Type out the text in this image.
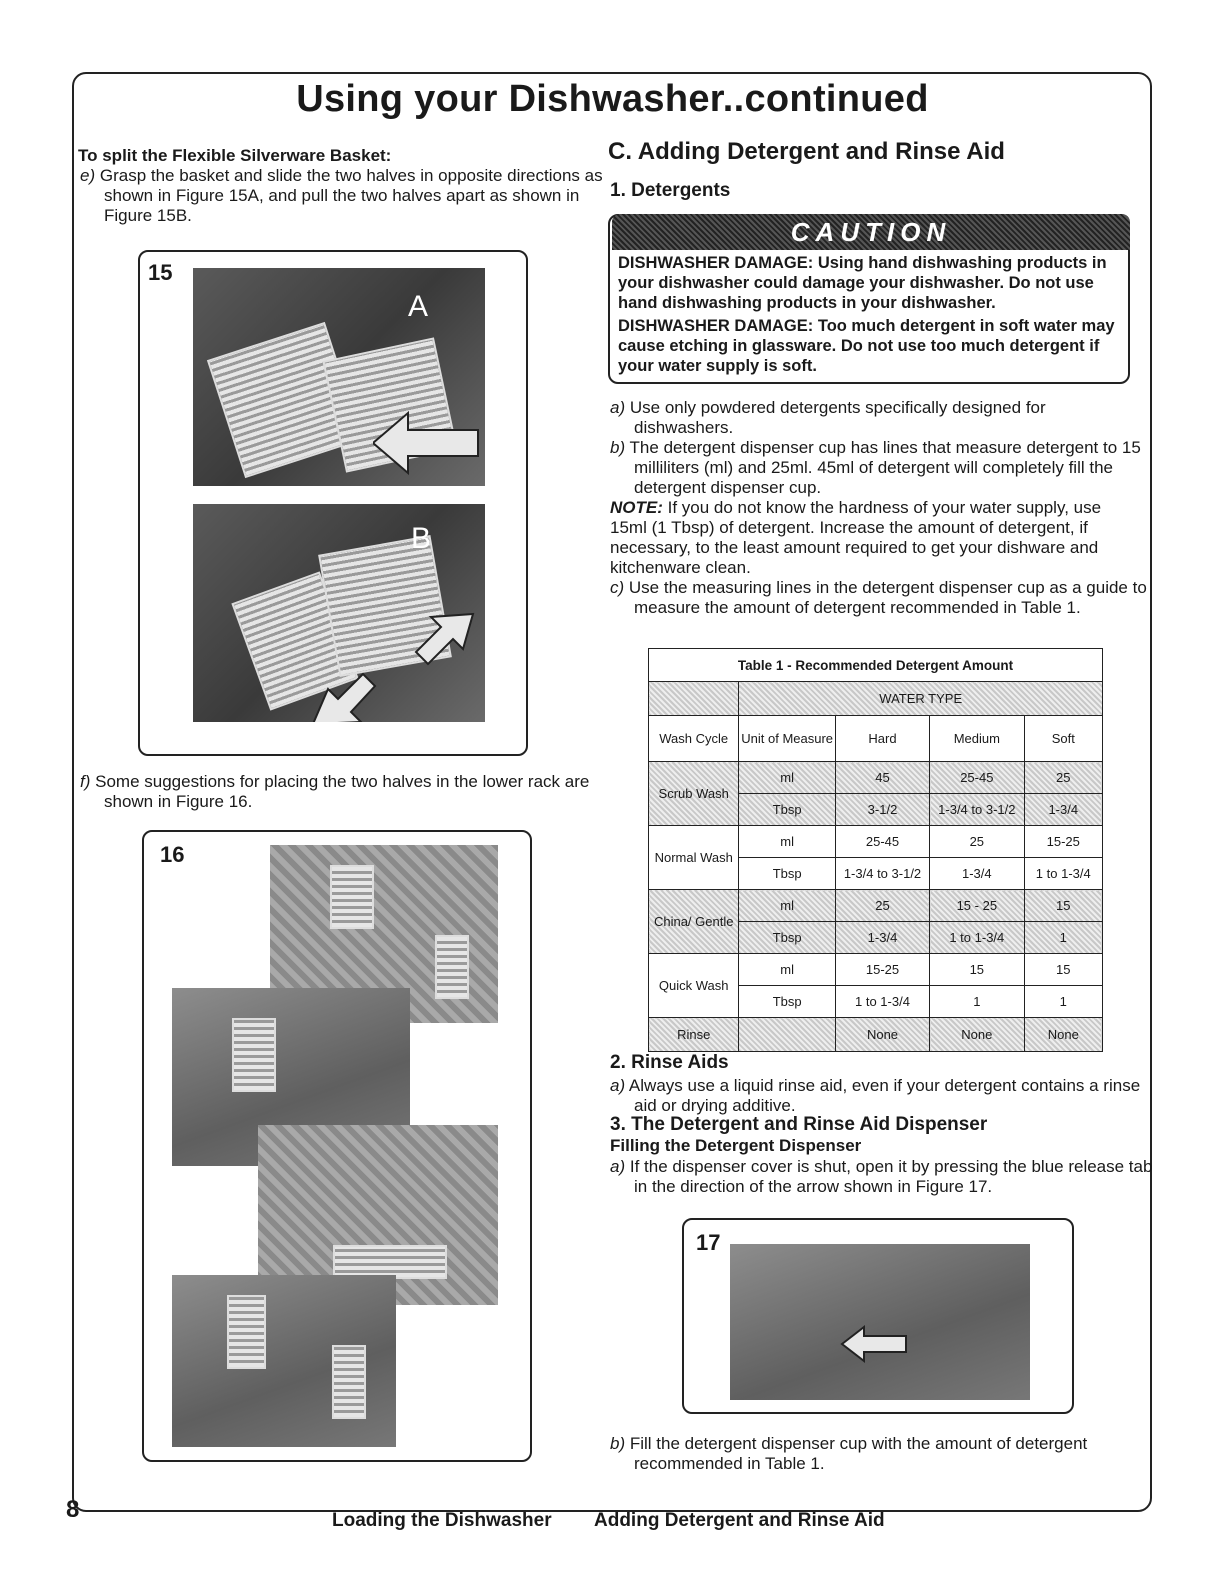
Using your Dishwasher..continued
To split the Flexible Silverware Basket:
e) Grasp the basket and slide the two halves in opposite directions as shown in Figure 15A, and pull the two halves apart as shown in Figure 15B.
15
A
B
f) Some suggestions for placing the two halves in the lower rack are shown in Figure 16.
16
C. Adding Detergent and Rinse Aid
1. Detergents
CAUTION
DISHWASHER DAMAGE: Using hand dishwashing products in your dishwasher could damage your dishwasher. Do not use hand dishwashing products in your dishwasher.
DISHWASHER DAMAGE: Too much detergent in soft water may cause etching in glassware. Do not use too much detergent if your water supply is soft.
a) Use only powdered detergents specifically designed for dishwashers.
b) The detergent dispenser cup has lines that measure detergent to 15 milliliters (ml) and 25ml. 45ml of detergent will completely fill the detergent dispenser cup.
NOTE: If you do not know the hardness of your water supply, use 15ml (1 Tbsp) of detergent. Increase the amount of detergent, if necessary, to the least amount required to get your dishware and kitchenware clean.
c) Use the measuring lines in the detergent dispenser cup as a guide to measure the amount of detergent recommended in Table 1.
Table 1 - Recommended Detergent Amount				
	WATER TYPE			
Wash Cycle	Unit of Measure	Hard	Medium	Soft
Scrub Wash	ml	45	25-45	25
	Tbsp	3-1/2	1-3/4 to 3-1/2	1-3/4
Normal Wash	ml	25-45	25	15-25
	Tbsp	1-3/4 to 3-1/2	1-3/4	1 to 1-3/4
China/ Gentle	ml	25	15 - 25	15
	Tbsp	1-3/4	1 to 1-3/4	1
Quick Wash	ml	15-25	15	15
	Tbsp	1 to 1-3/4	1	1
Rinse		None	None	None
2. Rinse Aids
a) Always use a liquid rinse aid, even if your detergent contains a rinse aid or drying additive.
3. The Detergent and Rinse Aid Dispenser
Filling the Detergent Dispenser
a) If the dispenser cover is shut, open it by pressing the blue release tab in the direction of the arrow shown in Figure 17.
17
b) Fill the detergent dispenser cup with the amount of detergent recommended in Table 1.
8	Loading the Dishwasher Adding Detergent and Rinse Aid
